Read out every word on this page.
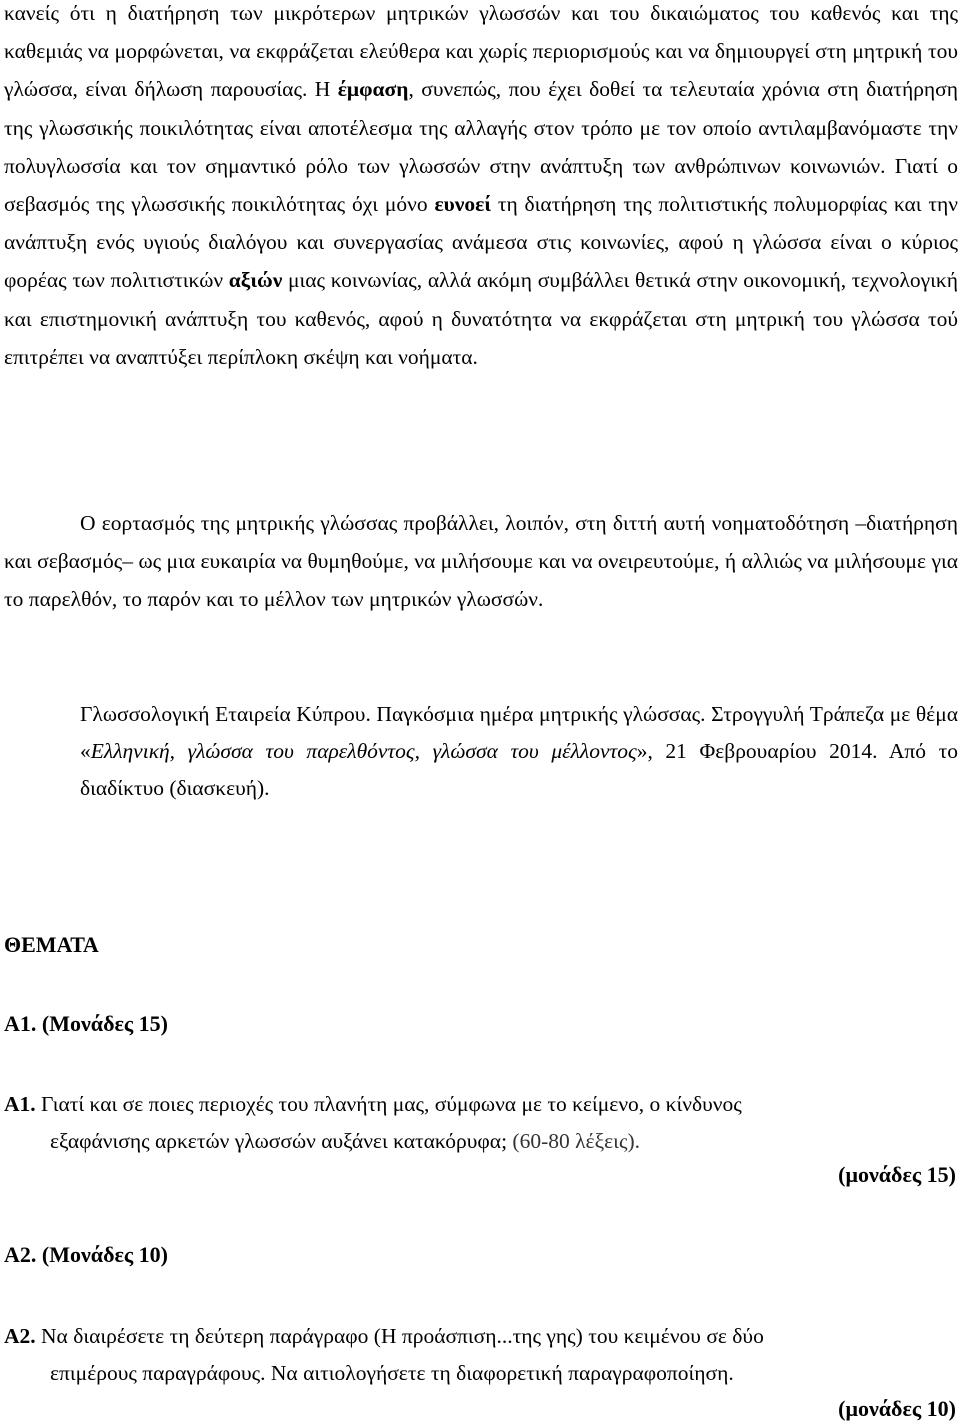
κανείς ότι η διατήρηση των μικρότερων μητρικών γλωσσών και του δικαιώματος του καθενός και της καθεμιάς να μορφώνεται, να εκφράζεται ελεύθερα και χωρίς περιορισμούς και να δημιουργεί στη μητρική του γλώσσα, είναι δήλωση παρουσίας. Η έμφαση, συνεπώς, που έχει δοθεί τα τελευταία χρόνια στη διατήρηση της γλωσσικής ποικιλότητας είναι αποτέλεσμα της αλλαγής στον τρόπο με τον οποίο αντιλαμβανόμαστε την πολυγλωσσία και τον σημαντικό ρόλο των γλωσσών στην ανάπτυξη των ανθρώπινων κοινωνιών. Γιατί ο σεβασμός της γλωσσικής ποικιλότητας όχι μόνο ευνοεί τη διατήρηση της πολιτιστικής πολυμορφίας και την ανάπτυξη ενός υγιούς διαλόγου και συνεργασίας ανάμεσα στις κοινωνίες, αφού η γλώσσα είναι ο κύριος φορέας των πολιτιστικών αξιών μιας κοινωνίας, αλλά ακόμη συμβάλλει θετικά στην οικονομική, τεχνολογική και επιστημονική ανάπτυξη του καθενός, αφού η δυνατότητα να εκφράζεται στη μητρική του γλώσσα τού επιτρέπει να αναπτύξει περίπλοκη σκέψη και νοήματα.

Ο εορτασμός της μητρικής γλώσσας προβάλλει, λοιπόν, στη διττή αυτή νοηματοδότηση –διατήρηση και σεβασμός– ως μια ευκαιρία να θυμηθούμε, να μιλήσουμε και να ονειρευτούμε, ή αλλιώς να μιλήσουμε για το παρελθόν, το παρόν και το μέλλον των μητρικών γλωσσών.

Γλωσσολογική Εταιρεία Κύπρου. Παγκόσμια ημέρα μητρικής γλώσσας. Στρογγυλή Τράπεζα με θέμα «Ελληνική, γλώσσα του παρελθόντος, γλώσσα του μέλλοντος», 21 Φεβρουαρίου 2014. Από το διαδίκτυο (διασκευή).

ΘΕΜΑΤΑ

Α1. (Μονάδες 15)

Α1. Γιατί και σε ποιες περιοχές του πλανήτη μας, σύμφωνα με το κείμενο, ο κίνδυνος
εξαφάνισης αρκετών γλωσσών αυξάνει κατακόρυφα; (60-80 λέξεις).

(μονάδες 15)

Α2. (Μονάδες 10)

Α2. Να διαιρέσετε τη δεύτερη παράγραφο (Η προάσπιση...της γης) του κειμένου σε δύο
επιμέρους παραγράφους. Να αιτιολογήσετε τη διαφορετική παραγραφοποίηση.

(μονάδες 10)
